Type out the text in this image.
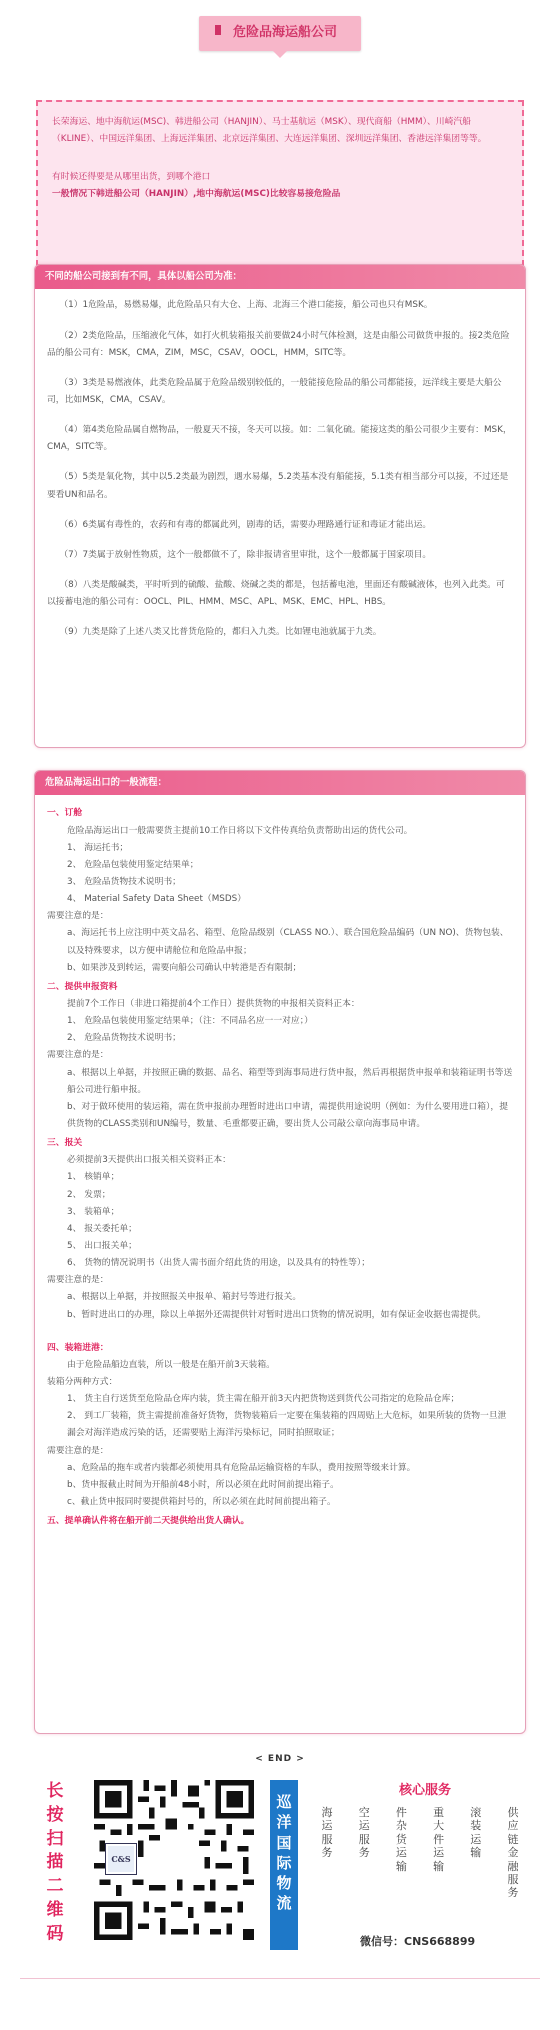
危险品海运船公司

长荣海运、地中海航运(MSC)、韩进船公司（HANJIN）、马士基航运（MSK）、现代商船（HMM）、川崎汽船（KLINE）、中国远洋集团、上海远洋集团、北京远洋集团、大连远洋集团、深圳远洋集团、香港远洋集团等等。

有时候还得要是从哪里出货，到哪个港口

一般情况下韩进船公司（HANJIN）,地中海航运(MSC)比较容易接危险品

不同的船公司接到有不同，具体以船公司为准：

（1）1危险品，易燃易爆，此危险品只有大仓、上海、北海三个港口能接，船公司也只有MSK。

（2）2类危险品，压缩液化气体，如打火机装箱报关前要做24小时气体检测，这是由船公司做货申报的。接2类危险品的船公司有：MSK，CMA，ZIM，MSC，CSAV，OOCL，HMM，SITC等。

（3）3类是易燃液体，此类危险品属于危险品级别较低的，一般能接危险品的船公司都能接，远洋线主要是大船公司，比如MSK，CMA，CSAV。

（4）第4类危险品属自燃物品，一般夏天不接，冬天可以接。如：二氧化硫。能接这类的船公司很少主要有：MSK，CMA，SITC等。

（5）5类是氧化物，其中以5.2类最为剧烈，遇水易爆，5.2类基本没有船能接，5.1类有相当部分可以接，不过还是要看UN和品名。

（6）6类属有毒性的，农药和有毒的都属此列，剧毒的话，需要办理路通行证和毒证才能出运。

（7）7类属于放射性物质，这个一般都做不了，除非报请省里审批，这个一般都属于国家项目。

（8）八类是酸碱类，平时听到的硫酸、盐酸、烧碱之类的都是，包括蓄电池，里面还有酸碱液体，也列入此类。可以接蓄电池的船公司有：OOCL、PIL、HMM、MSC、APL、MSK、EMC、HPL、HBS。

（9）九类是除了上述八类又比普货危险的，都归入九类。比如锂电池就属于九类。

危险品海运出口的一般流程：
一、订舱
危险品海运出口一般需要货主提前10工作日将以下文件传真给负责帮助出运的货代公司。
1、 海运托书；
2、 危险品包装使用鉴定结果单；
3、 危险品货物技术说明书；
4、 Material Safety Data Sheet（MSDS）
需要注意的是：
a、海运托书上应注明中英文品名、箱型、危险品级别（CLASS NO.）、联合国危险品编码（UN NO)、货物包装、以及特殊要求，以方便申请舱位和危险品申报；
b、如果涉及到转运，需要向船公司确认中转港是否有限制；
二、提供申报资料
提前7个工作日（非进口箱提前4个工作日）提供货物的申报相关资料正本：
1、 危险品包装使用鉴定结果单；（注：不同品名应一一对应；）
2、 危险品货物技术说明书；
需要注意的是：
a、根据以上单据，并按照正确的数据、品名、箱型等到海事局进行货申报，然后再根据货申报单和装箱证明书等送船公司进行船申报。
b、对于做环使用的装运箱，需在货申报前办理暂时进出口申请，需提供用途说明（例如：为什么要用进口箱），提供货物的CLASS类别和UN编号，数量、毛重都要正确，要出货人公司敲公章向海事局申请。
三、报关
必须提前3天提供出口报关相关资料正本：
1、 核销单；
2、 发票；
3、 装箱单；
4、 报关委托单；
5、 出口报关单；
6、 货物的情况说明书（出货人需书面介绍此货的用途，以及具有的特性等）；
需要注意的是：
a、根据以上单据，并按照报关申报单、箱封号等进行报关。
b、暂时进出口的办理，除以上单据外还需提供针对暂时进出口货物的情况说明，如有保证金收据也需提供。
四、装箱进港：
由于危险品船边直装，所以一般是在船开前3天装箱。
装箱分两种方式：
1、 货主自行送货至危险品仓库内装，货主需在船开前3天内把货物送到货代公司指定的危险品仓库；
2、 到工厂装箱，货主需提前准备好货物，货物装箱后一定要在集装箱的四周贴上大危标，如果所装的货物一旦泄漏会对海洋造成污染的话，还需要贴上海洋污染标记，同时拍照取证；
需要注意的是：
a、危险品的拖车或者内装都必须使用具有危险品运输资格的车队，费用按照等级来计算。
b、货申报截止时间为开船前48小时，所以必须在此时间前提出箱子。
c、截止货申报同时要提供箱封号的，所以必须在此时间前提出箱子。
五、提单确认件将在船开前二天提供给出货人确认。
< END >
长按扫描二维码
C&S
巡洋国际物流
核心服务
供应链金融服务
滚装运输
重大件运输
件杂货运输
空运服务
海运服务
微信号：CNS668899
